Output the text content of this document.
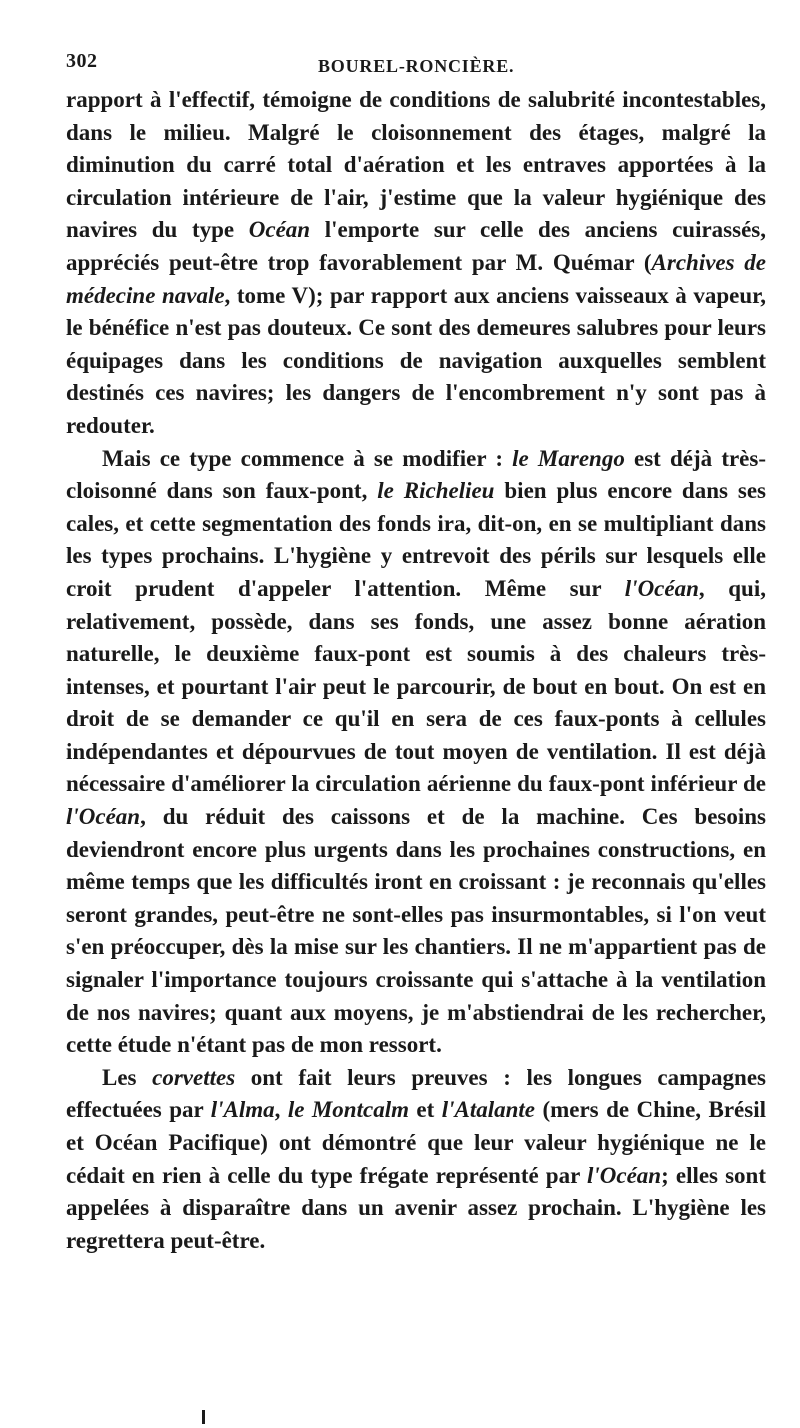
302	BOUREL-RONCIÈRE.

rapport à l'effectif, témoigne de conditions de salubrité incontestables, dans le milieu. Malgré le cloisonnement des étages, malgré la diminution du carré total d'aération et les entraves apportées à la circulation intérieure de l'air, j'estime que la valeur hygiénique des navires du type Océan l'emporte sur celle des anciens cuirassés, appréciés peut-être trop favorablement par M. Quémar (Archives de médecine navale, tome V); par rapport aux anciens vaisseaux à vapeur, le bénéfice n'est pas douteux. Ce sont des demeures salubres pour leurs équipages dans les conditions de navigation auxquelles semblent destinés ces navires; les dangers de l'encombrement n'y sont pas à redouter.

Mais ce type commence à se modifier : le Marengo est déjà très-cloisonné dans son faux-pont, le Richelieu bien plus encore dans ses cales, et cette segmentation des fonds ira, dit-on, en se multipliant dans les types prochains. L'hygiène y entrevoit des périls sur lesquels elle croit prudent d'appeler l'attention. Même sur l'Océan, qui, relativement, possède, dans ses fonds, une assez bonne aération naturelle, le deuxième faux-pont est soumis à des chaleurs très-intenses, et pourtant l'air peut le parcourir, de bout en bout. On est en droit de se demander ce qu'il en sera de ces faux-ponts à cellules indépendantes et dépourvues de tout moyen de ventilation. Il est déjà nécessaire d'améliorer la circulation aérienne du faux-pont inférieur de l'Océan, du réduit des caissons et de la machine. Ces besoins deviendront encore plus urgents dans les prochaines constructions, en même temps que les difficultés iront en croissant : je reconnais qu'elles seront grandes, peut-être ne sont-elles pas insurmontables, si l'on veut s'en préoccuper, dès la mise sur les chantiers. Il ne m'appartient pas de signaler l'importance toujours croissante qui s'attache à la ventilation de nos navires; quant aux moyens, je m'abstiendrai de les rechercher, cette étude n'étant pas de mon ressort.

Les corvettes ont fait leurs preuves : les longues campagnes effectuées par l'Alma, le Montcalm et l'Atalante (mers de Chine, Brésil et Océan Pacifique) ont démontré que leur valeur hygiénique ne le cédait en rien à celle du type frégate représenté par l'Océan; elles sont appelées à disparaître dans un avenir assez prochain. L'hygiène les regrettera peut-être.
